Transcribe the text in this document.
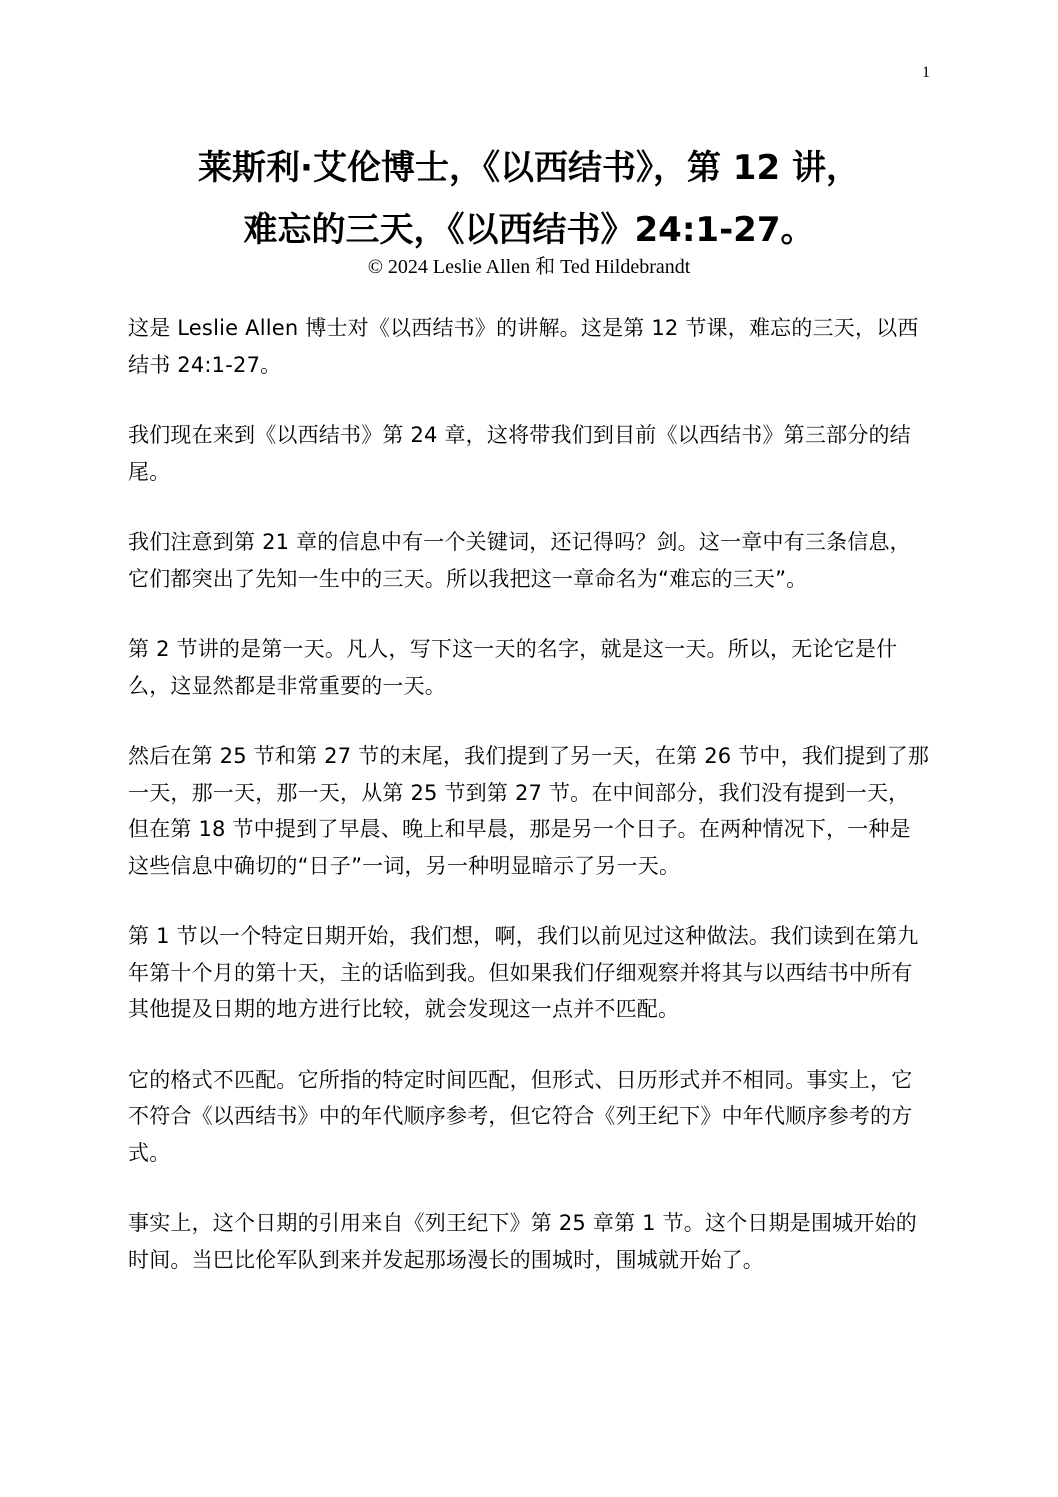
1
莱斯利·艾伦博士，《以西结书》，第 12 讲，
难忘的三天，《以西结书》24:1-27。
© 2024 Leslie Allen 和 Ted Hildebrandt

这是 Leslie Allen 博士对《以西结书》的讲解。这是第 12 节课，难忘的三天，以西结书 24:1-27。

我们现在来到《以西结书》第 24 章，这将带我们到目前《以西结书》第三部分的结尾。

我们注意到第 21 章的信息中有一个关键词，还记得吗？剑。这一章中有三条信息，它们都突出了先知一生中的三天。所以我把这一章命名为“难忘的三天”。

第 2 节讲的是第一天。凡人，写下这一天的名字，就是这一天。所以，无论它是什么，这显然都是非常重要的一天。

然后在第 25 节和第 27 节的末尾，我们提到了另一天，在第 26 节中，我们提到了那一天，那一天，那一天，从第 25 节到第 27 节。在中间部分，我们没有提到一天，但在第 18 节中提到了早晨、晚上和早晨，那是另一个日子。在两种情况下，一种是这些信息中确切的“日子”一词，另一种明显暗示了另一天。

第 1 节以一个特定日期开始，我们想，啊，我们以前见过这种做法。我们读到在第九年第十个月的第十天，主的话临到我。但如果我们仔细观察并将其与以西结书中所有其他提及日期的地方进行比较，就会发现这一点并不匹配。

它的格式不匹配。它所指的特定时间匹配，但形式、日历形式并不相同。事实上，它不符合《以西结书》中的年代顺序参考，但它符合《列王纪下》中年代顺序参考的方式。

事实上，这个日期的引用来自《列王纪下》第 25 章第 1 节。这个日期是围城开始的时间。当巴比伦军队到来并发起那场漫长的围城时，围城就开始了。
